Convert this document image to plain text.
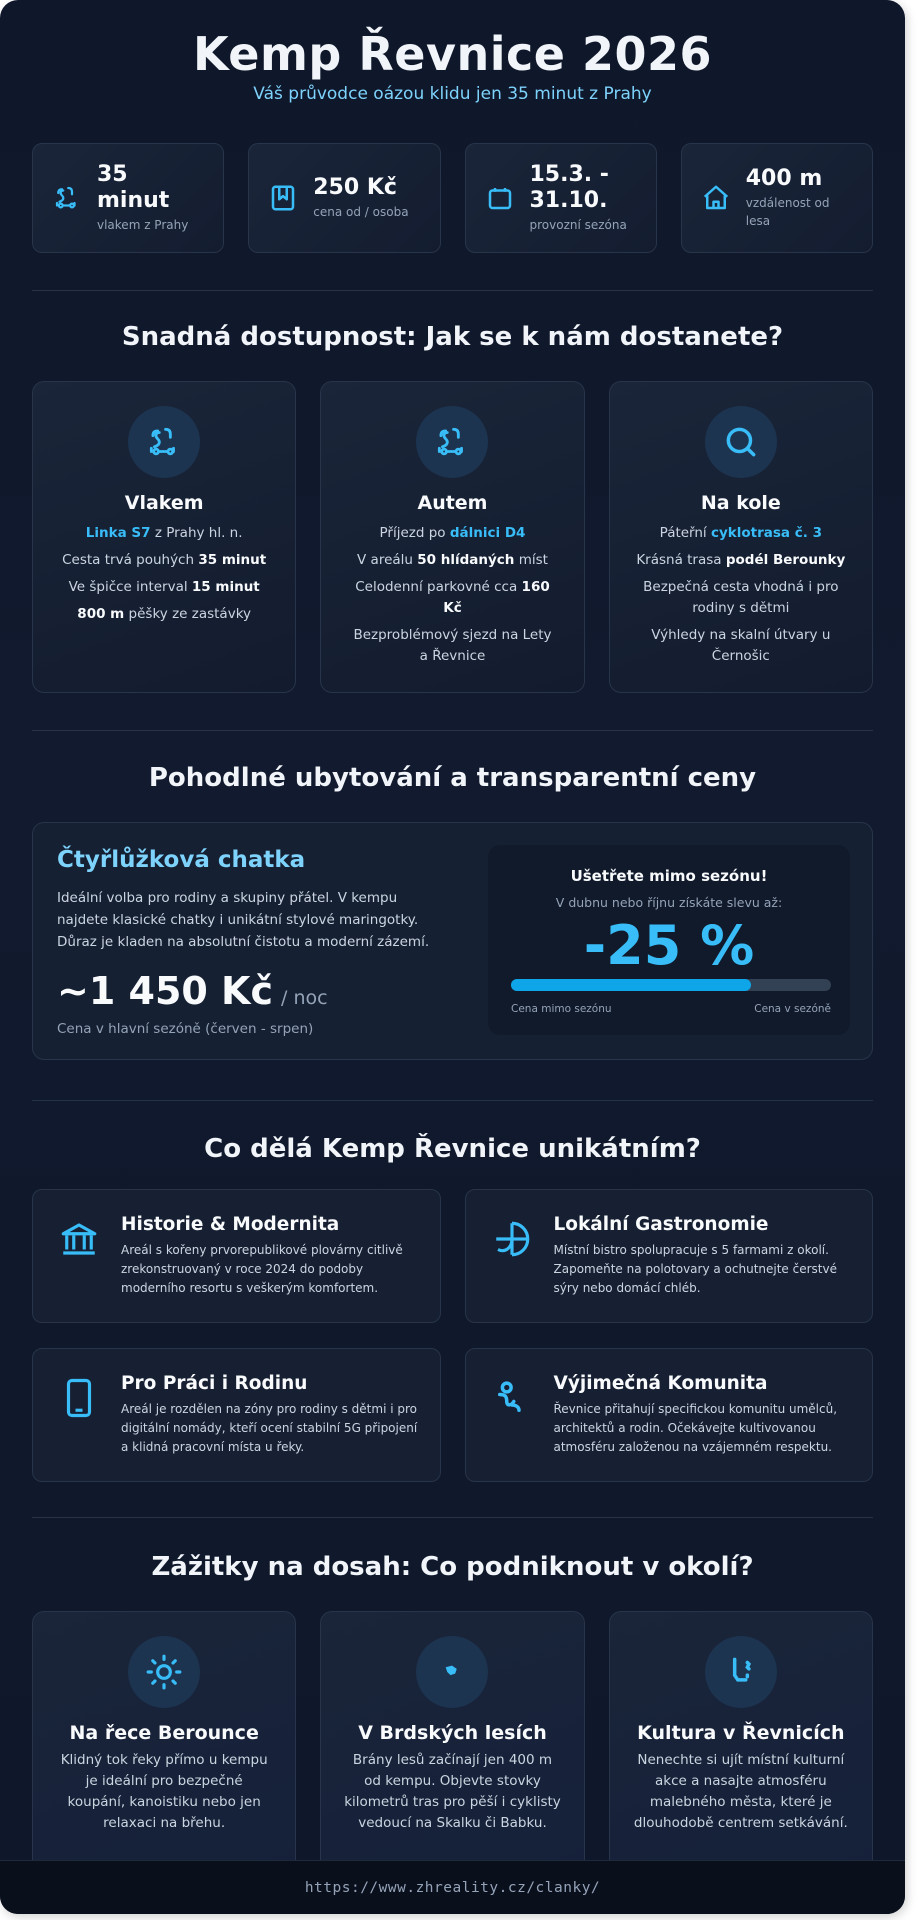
Kemp Řevnice 2026
Váš průvodce oázou klidu jen 35 minut z Prahy
35 minut
vlakem z Prahy
250 Kč
cena od / osoba
15.3. - 31.10.
provozní sezóna
400 m
vzdálenost od lesa
Snadná dostupnost: Jak se k nám dostanete?
Vlakem
Linka S7 z Prahy hl. n.
Cesta trvá pouhých 35 minut
Ve špičce interval 15 minut
800 m pěšky ze zastávky
Autem
Příjezd po dálnici D4
V areálu 50 hlídaných míst
Celodenní parkovné cca 160 Kč
Bezproblémový sjezd na Lety a Řevnice
Na kole
Páteřní cyklotrasa č. 3
Krásná trasa podél Berounky
Bezpečná cesta vhodná i pro rodiny s dětmi
Výhledy na skalní útvary u Černošic
Pohodlné ubytování a transparentní ceny
Čtyřlůžková chatka
Ideální volba pro rodiny a skupiny přátel. V kempu najdete klasické chatky i unikátní stylové maringotky. Důraz je kladen na absolutní čistotu a moderní zázemí.
~1 450 Kč / noc
Cena v hlavní sezóně (červen - srpen)
Ušetřete mimo sezónu!
V dubnu nebo říjnu získáte slevu až:
-25 %
Cena mimo sezónu	Cena v sezóně
Co dělá Kemp Řevnice unikátním?
Historie & Modernita
Areál s kořeny prvorepublikové plovárny citlivě zrekonstruovaný v roce 2024 do podoby moderního resortu s veškerým komfortem.
Lokální Gastronomie
Místní bistro spolupracuje s 5 farmami z okolí. Zapomeňte na polotovary a ochutnejte čerstvé sýry nebo domácí chléb.
Pro Práci i Rodinu
Areál je rozdělen na zóny pro rodiny s dětmi i pro digitální nomády, kteří ocení stabilní 5G připojení a klidná pracovní místa u řeky.
Výjimečná Komunita
Řevnice přitahují specifickou komunitu umělců, architektů a rodin. Očekávejte kultivovanou atmosféru založenou na vzájemném respektu.
Zážitky na dosah: Co podniknout v okolí?
Na řece Berounce
Klidný tok řeky přímo u kempu je ideální pro bezpečné koupání, kanoistiku nebo jen relaxaci na břehu.
V Brdských lesích
Brány lesů začínají jen 400 m od kempu. Objevte stovky kilometrů tras pro pěší i cyklisty vedoucí na Skalku či Babku.
Kultura v Řevnicích
Nenechte si ujít místní kulturní akce a nasajte atmosféru malebného města, které je dlouhodobě centrem setkávání.
https://www.zhreality.cz/clanky/
